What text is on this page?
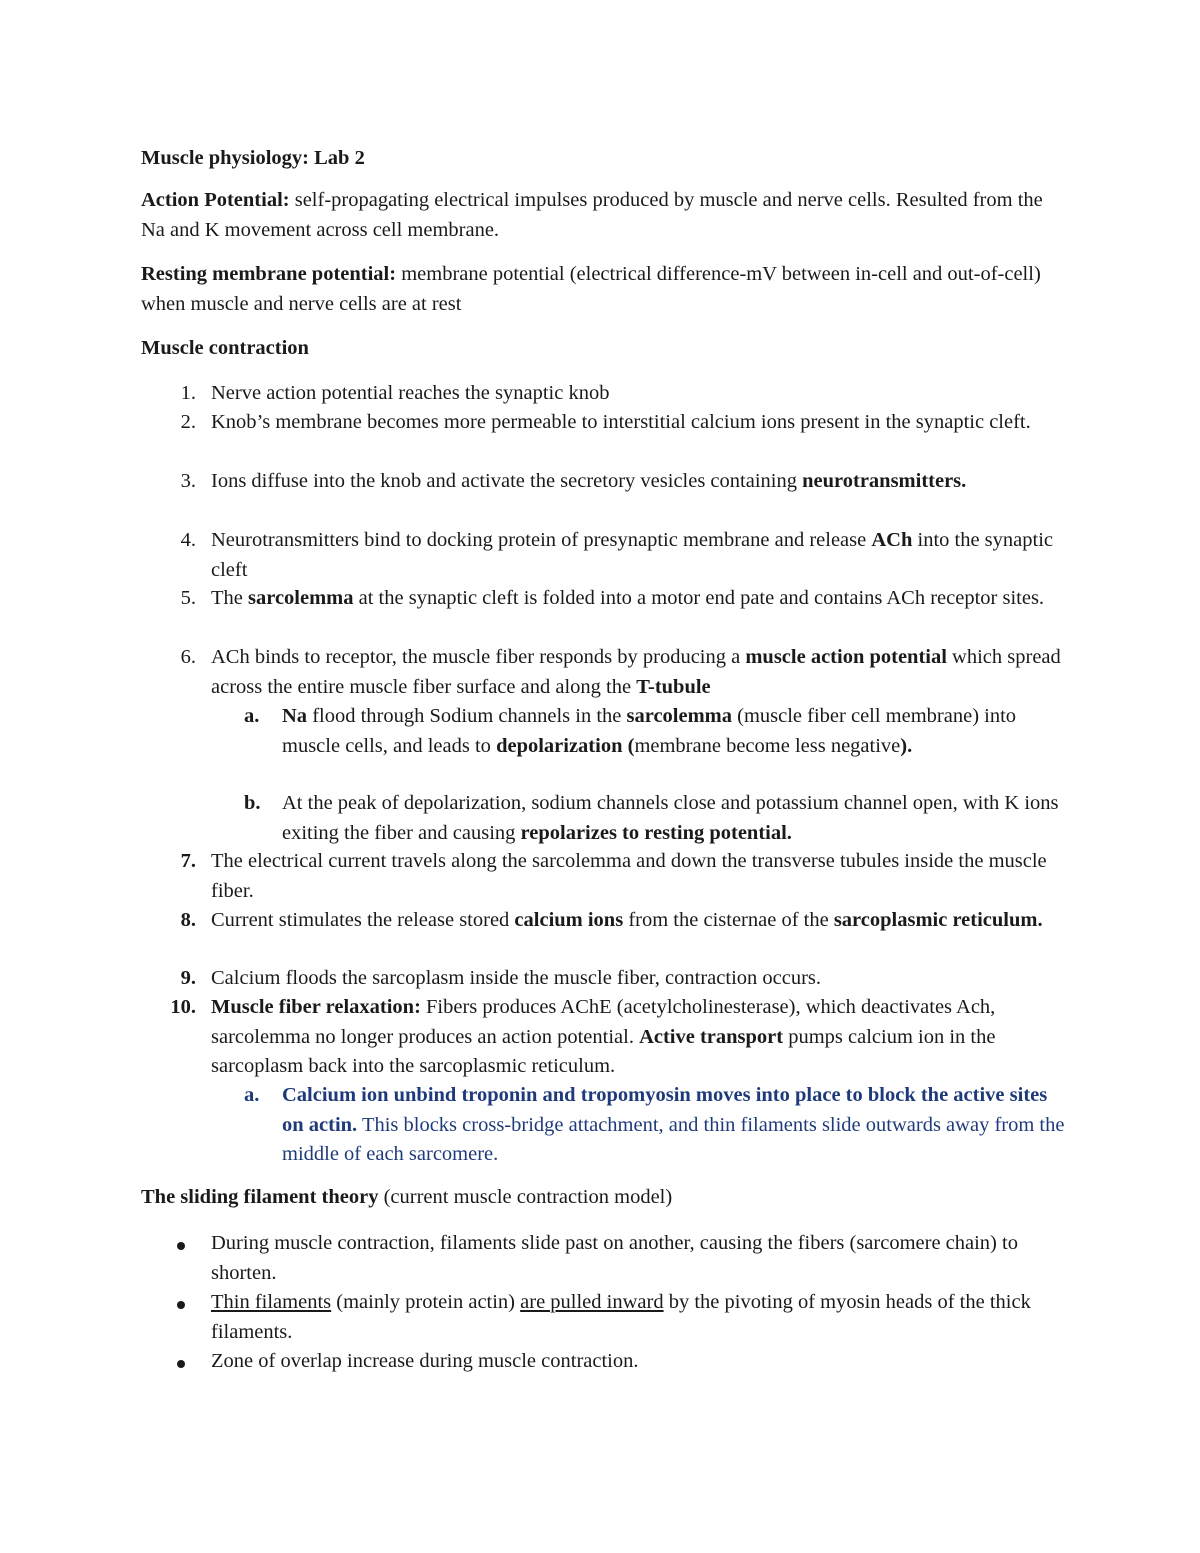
Muscle physiology: Lab 2

Action Potential: self-propagating electrical impulses produced by muscle and nerve cells. Resulted from the Na and K movement across cell membrane.

Resting membrane potential: membrane potential (electrical difference-mV between in-cell and out-of-cell) when muscle and nerve cells are at rest

Muscle contraction

1. Nerve action potential reaches the synaptic knob
2. Knob’s membrane becomes more permeable to interstitial calcium ions present in the synaptic cleft.
3. Ions diffuse into the knob and activate the secretory vesicles containing neurotransmitters.
4. Neurotransmitters bind to docking protein of presynaptic membrane and release ACh into the synaptic cleft
5. The sarcolemma at the synaptic cleft is folded into a motor end pate and contains ACh receptor sites.
6. ACh binds to receptor, the muscle fiber responds by producing a muscle action potential which spread across the entire muscle fiber surface and along the T-tubule
a. Na flood through Sodium channels in the sarcolemma (muscle fiber cell membrane) into muscle cells, and leads to depolarization (membrane become less negative).
b. At the peak of depolarization, sodium channels close and potassium channel open, with K ions exiting the fiber and causing repolarizes to resting potential.
7. The electrical current travels along the sarcolemma and down the transverse tubules inside the muscle fiber.
8. Current stimulates the release stored calcium ions from the cisternae of the sarcoplasmic reticulum.
9. Calcium floods the sarcoplasm inside the muscle fiber, contraction occurs.
10. Muscle fiber relaxation: Fibers produces AChE (acetylcholinesterase), which deactivates Ach, sarcolemma no longer produces an action potential. Active transport pumps calcium ion in the sarcoplasm back into the sarcoplasmic reticulum.
a. Calcium ion unbind troponin and tropomyosin moves into place to block the active sites on actin. This blocks cross-bridge attachment, and thin filaments slide outwards away from the middle of each sarcomere.

The sliding filament theory (current muscle contraction model)

During muscle contraction, filaments slide past on another, causing the fibers (sarcomere chain) to shorten.
Thin filaments (mainly protein actin) are pulled inward by the pivoting of myosin heads of the thick filaments.
Zone of overlap increase during muscle contraction.
